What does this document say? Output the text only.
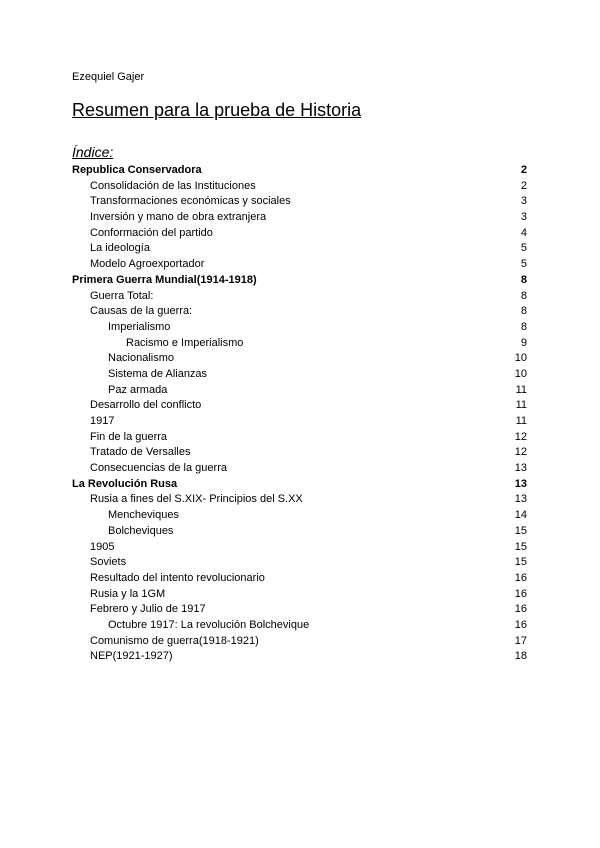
Ezequiel Gajer
Resumen para la prueba de Historia
Índice:
Republica Conservadora	2
Consolidación de las Instituciones	2
Transformaciones económicas y sociales	3
Inversión y mano de obra extranjera	3
Conformación del partido	4
La ideología	5
Modelo Agroexportador	5
Primera Guerra Mundial(1914-1918)	8
Guerra Total:	8
Causas de la guerra:	8
Imperialismo	8
Racismo e Imperialismo	9
Nacionalismo	10
Sistema de Alianzas	10
Paz armada	11
Desarrollo del conflicto	11
1917	11
Fin de la guerra	12
Tratado de Versalles	12
Consecuencias de la guerra	13
La Revolución Rusa	13
Rusia a fines del S.XIX- Principios del S.XX	13
Mencheviques	14
Bolcheviques	15
1905	15
Soviets	15
Resultado del intento revolucionario	16
Rusia y la 1GM	16
Febrero y Julio de 1917	16
Octubre 1917: La revolución Bolchevique	16
Comunismo de guerra(1918-1921)	17
NEP(1921-1927)	18
